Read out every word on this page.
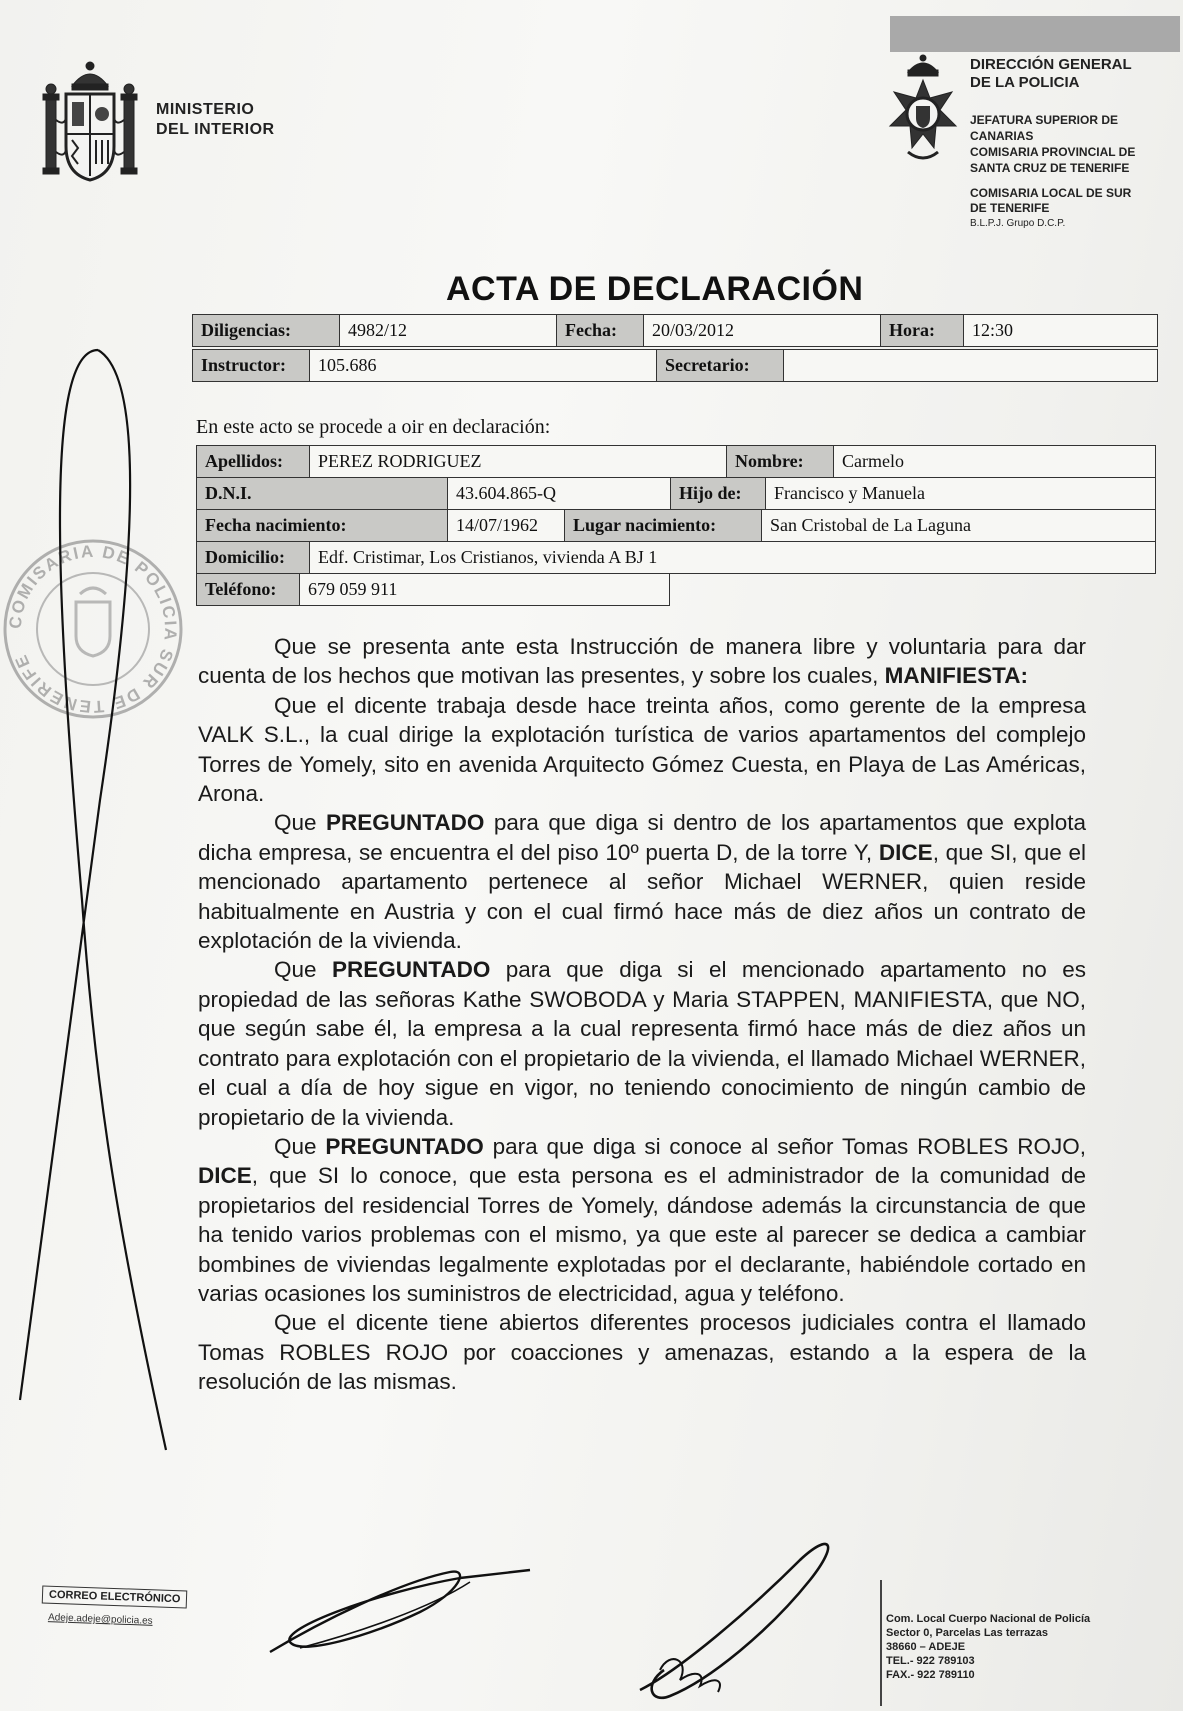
MINISTERIO
DEL INTERIOR
DIRECCIÓN GENERAL
DE LA POLICIA
JEFATURA SUPERIOR DE
CANARIAS
COMISARIA PROVINCIAL DE
SANTA CRUZ DE TENERIFE
COMISARIA LOCAL DE SUR
DE TENERIFE
B.L.P.J. Grupo D.C.P.
ACTA DE DECLARACIÓN
Diligencias:	4982/12	Fecha:	20/03/2012	Hora:	12:30
Instructor:	105.686	Secretario:	
En este acto se procede a oir en declaración:
Apellidos:	PEREZ RODRIGUEZ	Nombre:	Carmelo
D.N.I.	43.604.865-Q	Hijo de:	Francisco y Manuela
Fecha nacimiento:	14/07/1962	Lugar nacimiento:	San Cristobal de La Laguna
Domicilio:	Edf. Cristimar, Los Cristianos, vivienda A BJ 1
Teléfono:	679 059 911
COMISARIA DE POLICIA SUR DE TENERIFE

Que se presenta ante esta Instrucción de manera libre y voluntaria para dar cuenta de los hechos que motivan las presentes, y sobre los cuales, MANIFIESTA:

Que el dicente trabaja desde hace treinta años, como gerente de la empresa VALK S.L., la cual dirige la explotación turística de varios apartamentos del complejo Torres de Yomely, sito en avenida Arquitecto Gómez Cuesta, en Playa de Las Américas, Arona.

Que PREGUNTADO para que diga si dentro de los apartamentos que explota dicha empresa, se encuentra el del piso 10º puerta D, de la torre Y, DICE, que SI, que el mencionado apartamento pertenece al señor Michael WERNER, quien reside habitualmente en Austria y con el cual firmó hace más de diez años un contrato de explotación de la vivienda.

Que PREGUNTADO para que diga si el mencionado apartamento no es propiedad de las señoras Kathe SWOBODA y Maria STAPPEN, MANIFIESTA, que NO, que según sabe él, la empresa a la cual representa firmó hace más de diez años un contrato para explotación con el propietario de la vivienda, el llamado Michael WERNER, el cual a día de hoy sigue en vigor, no teniendo conocimiento de ningún cambio de propietario de la vivienda.

Que PREGUNTADO para que diga si conoce al señor Tomas ROBLES ROJO, DICE, que SI lo conoce, que esta persona es el administrador de la comunidad de propietarios del residencial Torres de Yomely, dándose además la circunstancia de que ha tenido varios problemas con el mismo, ya que este al parecer se dedica a cambiar bombines de viviendas legalmente explotadas por el declarante, habiéndole cortado en varias ocasiones los suministros de electricidad, agua y teléfono.

Que el dicente tiene abiertos diferentes procesos judiciales contra el llamado Tomas ROBLES ROJO por coacciones y amenazas, estando a la espera de la resolución de las mismas.

CORREO ELECTRÓNICO
Adeje.adeje@policia.es	Com. Local Cuerpo Nacional de Policía
Sector 0, Parcelas Las terrazas
38660 – ADEJE
TEL.- 922 789103
FAX.- 922 789110
